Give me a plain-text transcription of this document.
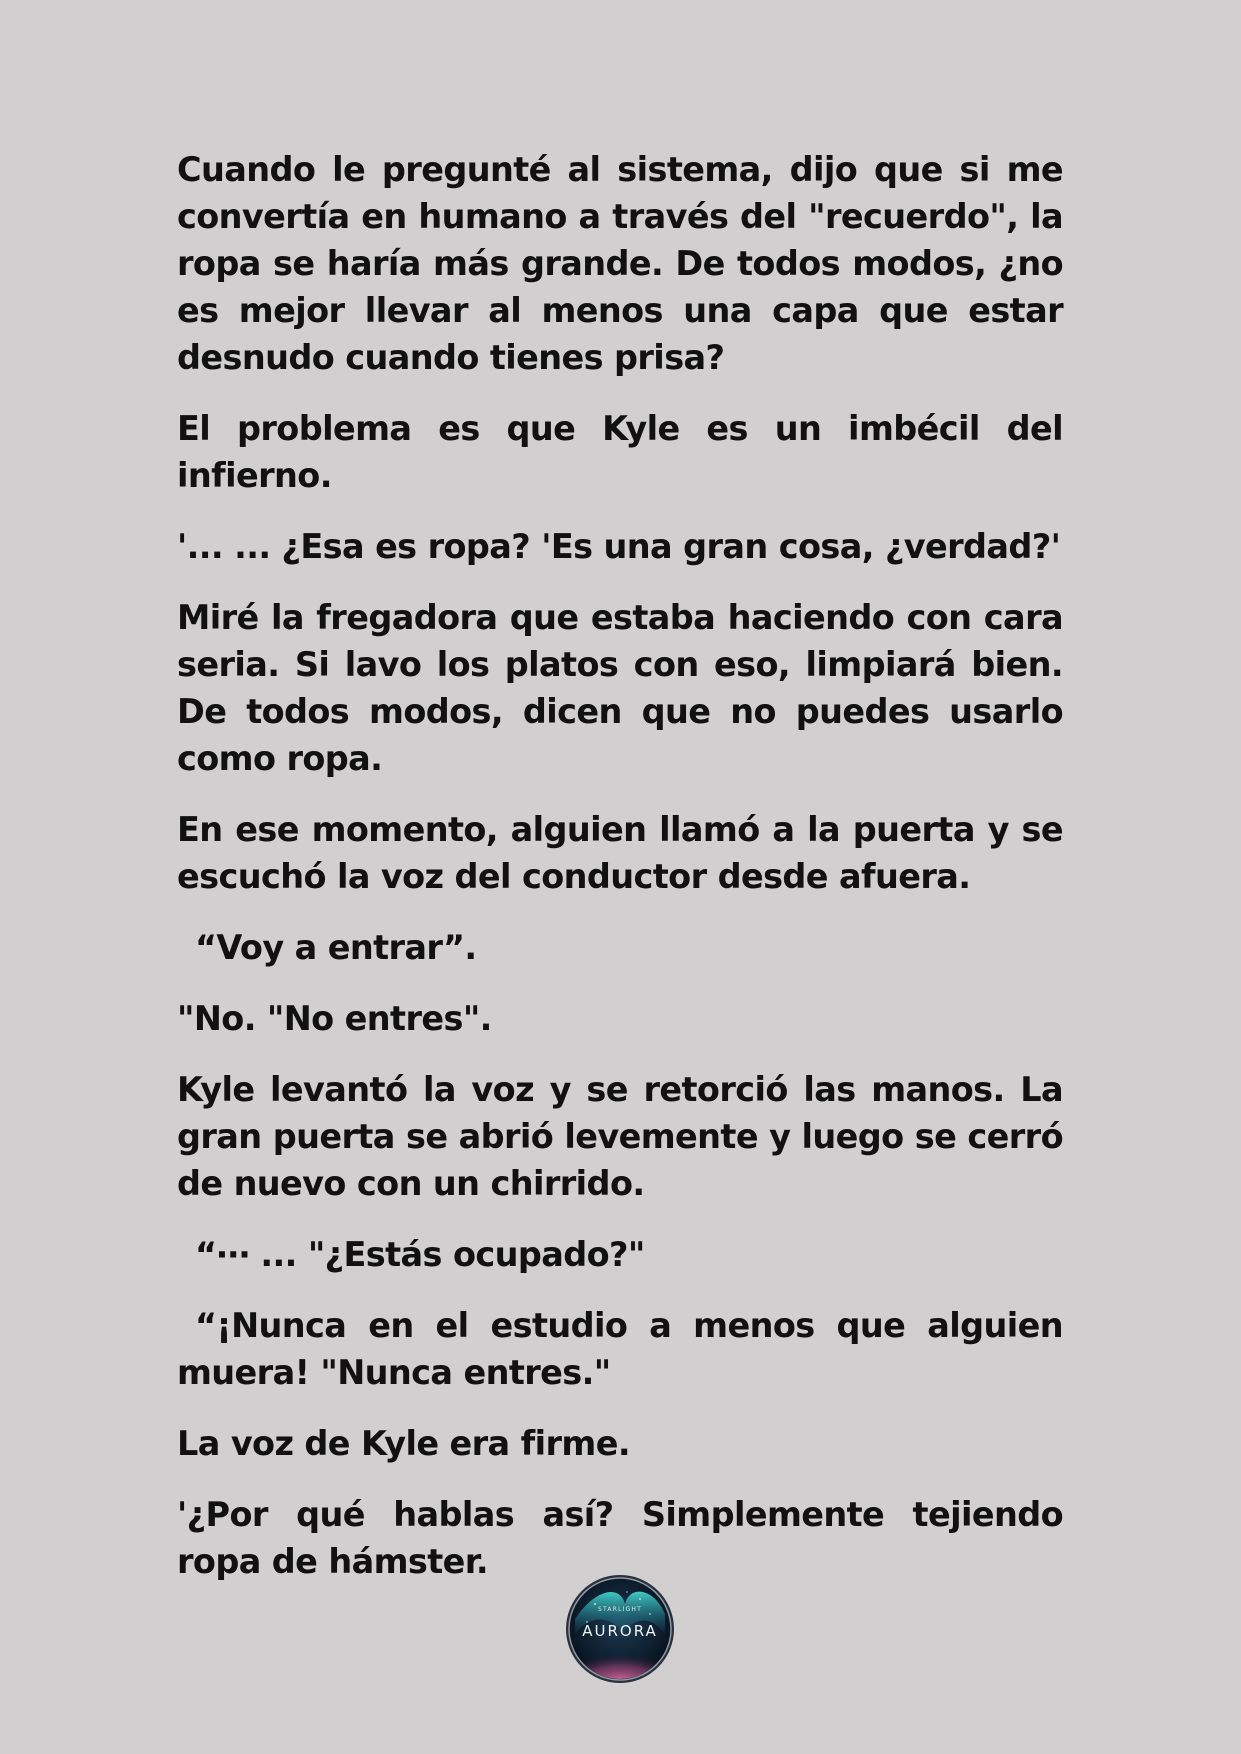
Cuando le pregunté al sistema, dijo que si me convertía en humano a través del "recuerdo", la ropa se haría más grande. De todos modos, ¿no es mejor llevar al menos una capa que estar desnudo cuando tienes prisa?

El problema es que Kyle es un imbécil del infierno.

'... ... ¿Esa es ropa? 'Es una gran cosa, ¿verdad?'

Miré la fregadora que estaba haciendo con cara seria. Si lavo los platos con eso, limpiará bien. De todos modos, dicen que no puedes usarlo como ropa.

En ese momento, alguien llamó a la puerta y se escuchó la voz del conductor desde afuera.

“Voy a entrar”.

"No. "No entres".

Kyle levantó la voz y se retorció las manos. La gran puerta se abrió levemente y luego se cerró de nuevo con un chirrido.

“⋯ ... "¿Estás ocupado?"

“¡Nunca en el estudio a menos que alguien muera! "Nunca entres."

La voz de Kyle era firme.

'¿Por qué hablas así? Simplemente tejiendo ropa de hámster.

STARLIGHT
AURORA
